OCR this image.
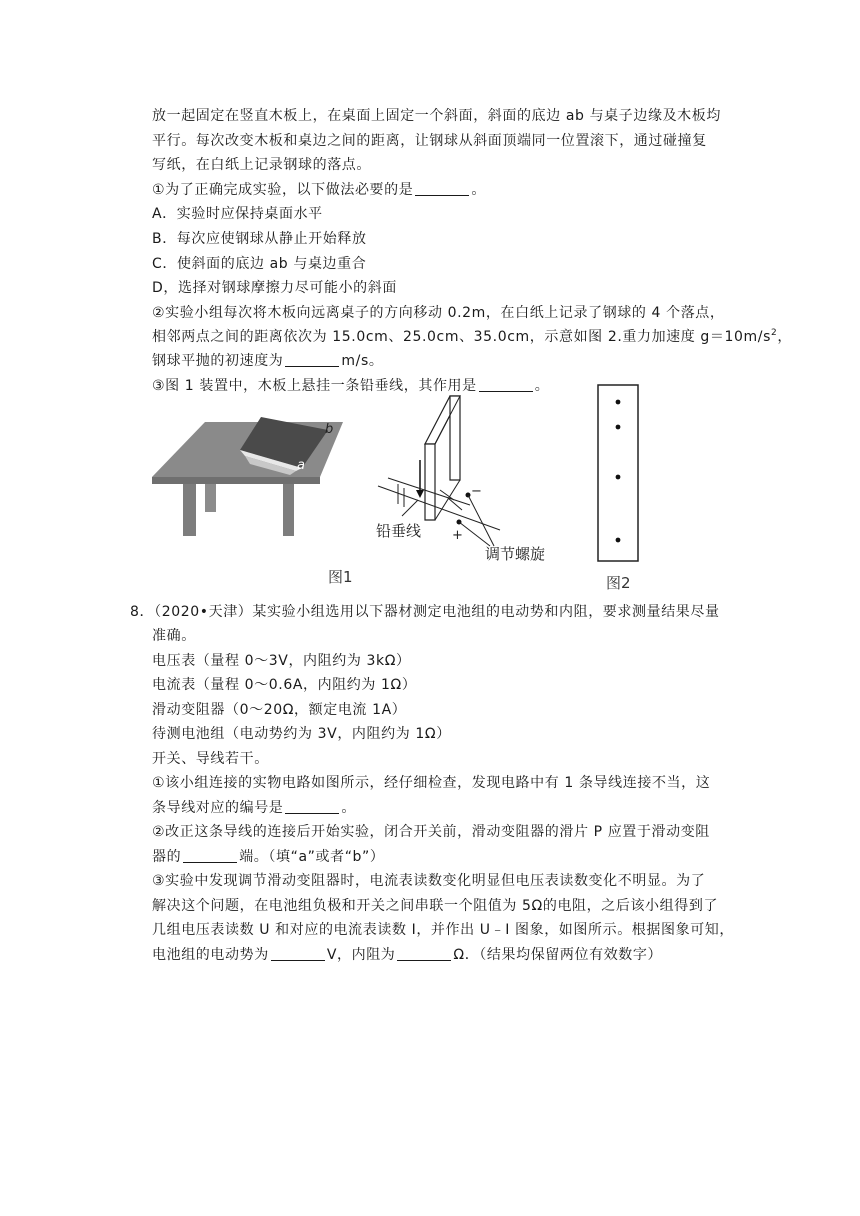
放一起固定在竖直木板上，在桌面上固定一个斜面，斜面的底边 ab 与桌子边缘及木板均
平行。每次改变木板和桌边之间的距离，让钢球从斜面顶端同一位置滚下，通过碰撞复
写纸，在白纸上记录钢球的落点。
①为了正确完成实验，以下做法必要的是	。
A．实验时应保持桌面水平
B．每次应使钢球从静止开始释放
C．使斜面的底边 ab 与桌边重合
D，选择对钢球摩擦力尽可能小的斜面
②实验小组每次将木板向远离桌子的方向移动 0.2m，在白纸上记录了钢球的 4 个落点，
相邻两点之间的距离依次为 15.0cm、25.0cm、35.0cm，示意如图 2.重力加速度 $g=10m/s^2$，
钢球平抛的初速度为	m/s。
③图 1 装置中，木板上悬挂一条铅垂线，其作用是	。
b
a
铅垂线
调节螺旋
−
+
图1	图2
8．（2020•天津）某实验小组选用以下器材测定电池组的电动势和内阻，要求测量结果尽量
准确。
电压表（量程 0～3V，内阻约为 3kΩ）
电流表（量程 0～0.6A，内阻约为 1Ω）
滑动变阻器（0～20Ω，额定电流 1A）
待测电池组（电动势约为 3V，内阻约为 1Ω）
开关、导线若干。
①该小组连接的实物电路如图所示，经仔细检查，发现电路中有 1 条导线连接不当，这
条导线对应的编号是	。
②改正这条导线的连接后开始实验，闭合开关前，滑动变阻器的滑片 P 应置于滑动变阻
器的	端。（填“a”或者“b”）
③实验中发现调节滑动变阻器时，电流表读数变化明显但电压表读数变化不明显。为了
解决这个问题，在电池组负极和开关之间串联一个阻值为 5Ω的电阻，之后该小组得到了
几组电压表读数 U 和对应的电流表读数 I，并作出 U﹣I 图象，如图所示。根据图象可知，
电池组的电动势为	V，内阻为	Ω．（结果均保留两位有效数字）
